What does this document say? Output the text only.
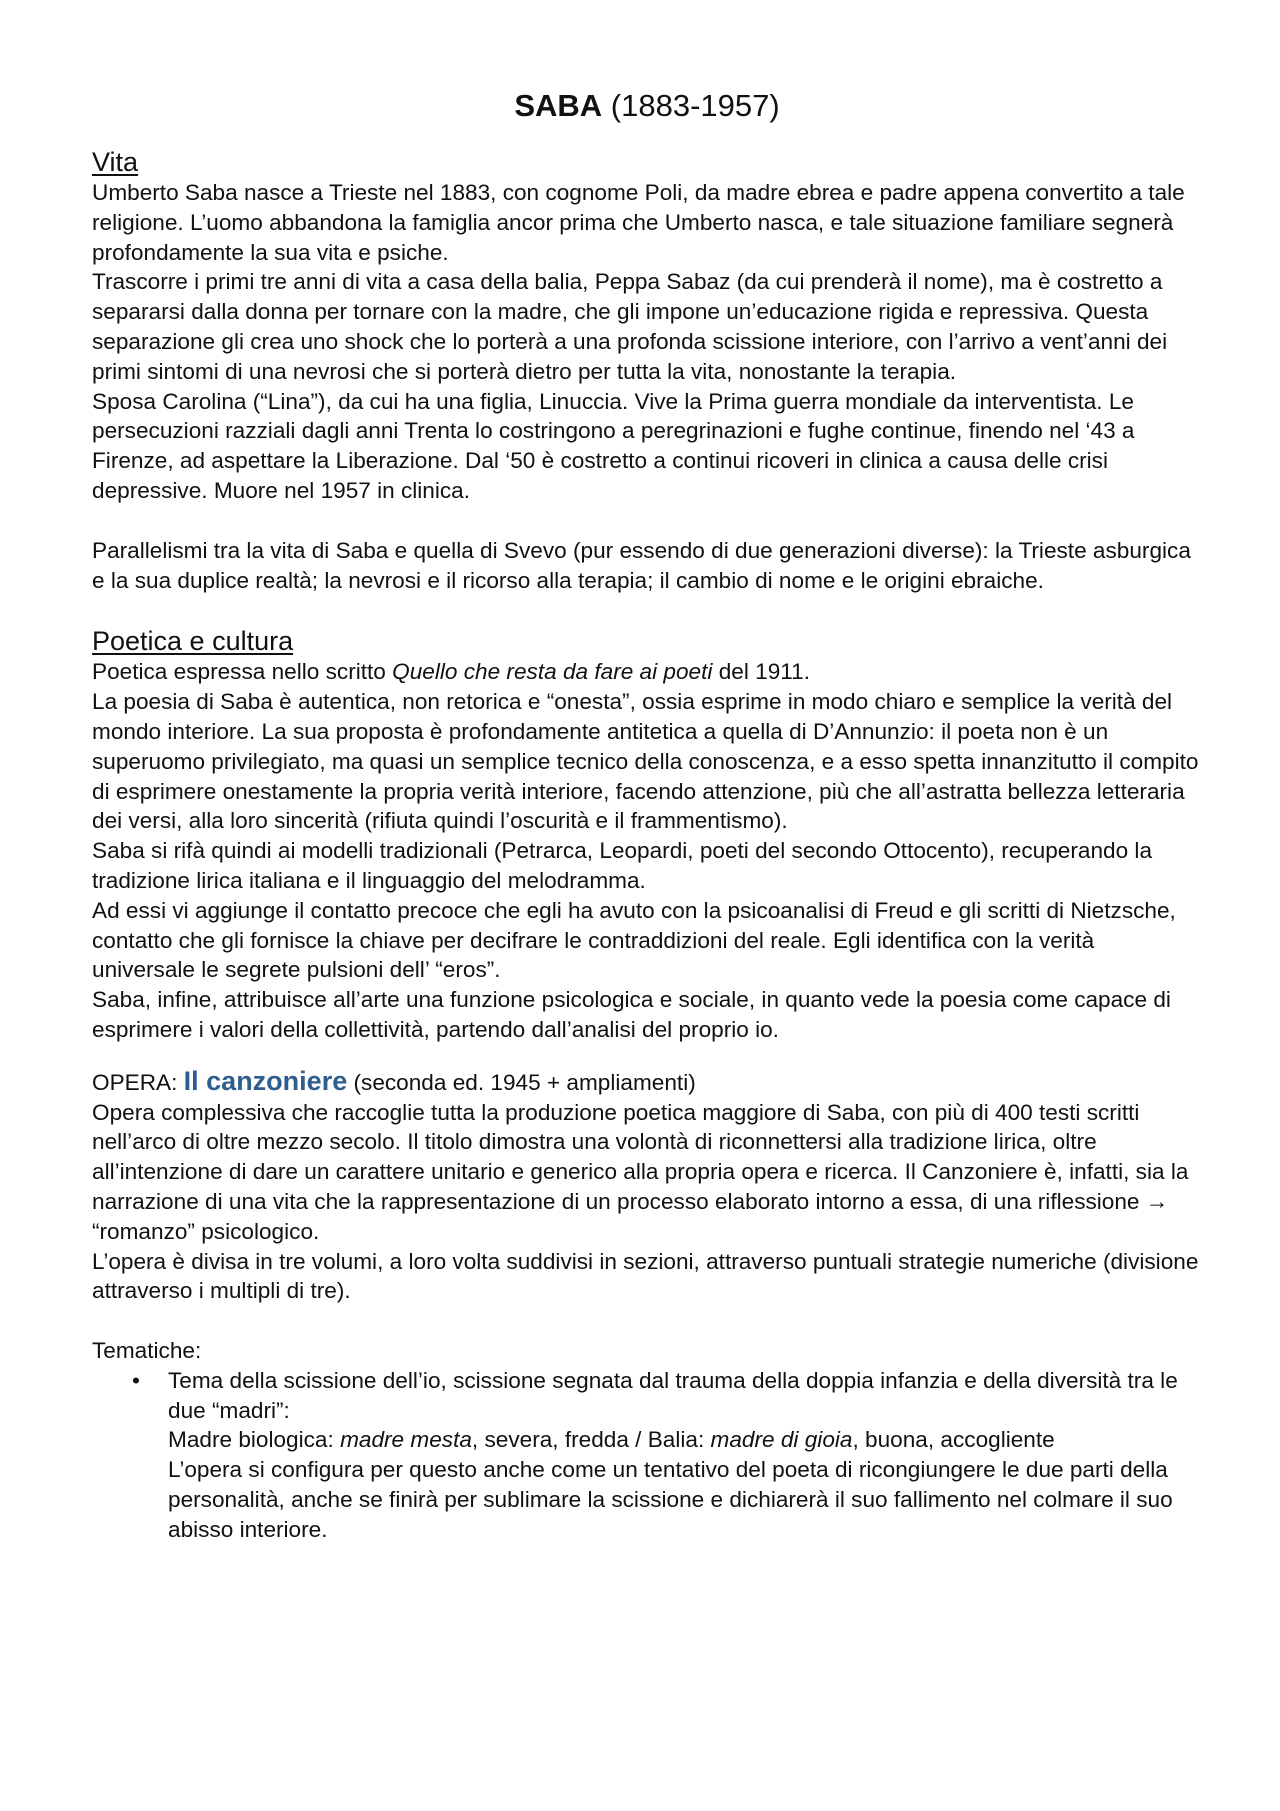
SABA (1883-1957)
Vita

Umberto Saba nasce a Trieste nel 1883, con cognome Poli, da madre ebrea e padre appena convertito a tale religione. L’uomo abbandona la famiglia ancor prima che Umberto nasca, e tale situazione familiare segnerà profondamente la sua vita e psiche.

Trascorre i primi tre anni di vita a casa della balia, Peppa Sabaz (da cui prenderà il nome), ma è costretto a separarsi dalla donna per tornare con la madre, che gli impone un’educazione rigida e repressiva. Questa separazione gli crea uno shock che lo porterà a una profonda scissione interiore, con l’arrivo a vent’anni dei primi sintomi di una nevrosi che si porterà dietro per tutta la vita, nonostante la terapia.

Sposa Carolina (“Lina”), da cui ha una figlia, Linuccia. Vive la Prima guerra mondiale da interventista. Le persecuzioni razziali dagli anni Trenta lo costringono a peregrinazioni e fughe continue, finendo nel ‘43 a Firenze, ad aspettare la Liberazione. Dal ‘50 è costretto a continui ricoveri in clinica a causa delle crisi depressive. Muore nel 1957 in clinica.

Parallelismi tra la vita di Saba e quella di Svevo (pur essendo di due generazioni diverse): la Trieste asburgica e la sua duplice realtà; la nevrosi e il ricorso alla terapia; il cambio di nome e le origini ebraiche.

Poetica e cultura

Poetica espressa nello scritto Quello che resta da fare ai poeti del 1911.

La poesia di Saba è autentica, non retorica e “onesta”, ossia esprime in modo chiaro e semplice la verità del mondo interiore. La sua proposta è profondamente antitetica a quella di D’Annunzio: il poeta non è un superuomo privilegiato, ma quasi un semplice tecnico della conoscenza, e a esso spetta innanzitutto il compito di esprimere onestamente la propria verità interiore, facendo attenzione, più che all’astratta bellezza letteraria dei versi, alla loro sincerità (rifiuta quindi l’oscurità e il frammentismo).

Saba si rifà quindi ai modelli tradizionali (Petrarca, Leopardi, poeti del secondo Ottocento), recuperando la tradizione lirica italiana e il linguaggio del melodramma.

Ad essi vi aggiunge il contatto precoce che egli ha avuto con la psicoanalisi di Freud e gli scritti di Nietzsche, contatto che gli fornisce la chiave per decifrare le contraddizioni del reale. Egli identifica con la verità universale le segrete pulsioni dell’ “eros”.

Saba, infine, attribuisce all’arte una funzione psicologica e sociale, in quanto vede la poesia come capace di esprimere i valori della collettività, partendo dall’analisi del proprio io.

OPERA: Il canzoniere (seconda ed. 1945 + ampliamenti)

Opera complessiva che raccoglie tutta la produzione poetica maggiore di Saba, con più di 400 testi scritti nell’arco di oltre mezzo secolo. Il titolo dimostra una volontà di riconnettersi alla tradizione lirica, oltre all’intenzione di dare un carattere unitario e generico alla propria opera e ricerca. Il Canzoniere è, infatti, sia la narrazione di una vita che la rappresentazione di un processo elaborato intorno a essa, di una riflessione → “romanzo” psicologico.

L’opera è divisa in tre volumi, a loro volta suddivisi in sezioni, attraverso puntuali strategie numeriche (divisione attraverso i multipli di tre).

Tematiche:

• Tema della scissione dell’io, scissione segnata dal trauma della doppia infanzia e della diversità tra le due “madri”:
Madre biologica: madre mesta, severa, fredda / Balia: madre di gioia, buona, accogliente
L’opera si configura per questo anche come un tentativo del poeta di ricongiungere le due parti della personalità, anche se finirà per sublimare la scissione e dichiarerà il suo fallimento nel colmare il suo abisso interiore.
